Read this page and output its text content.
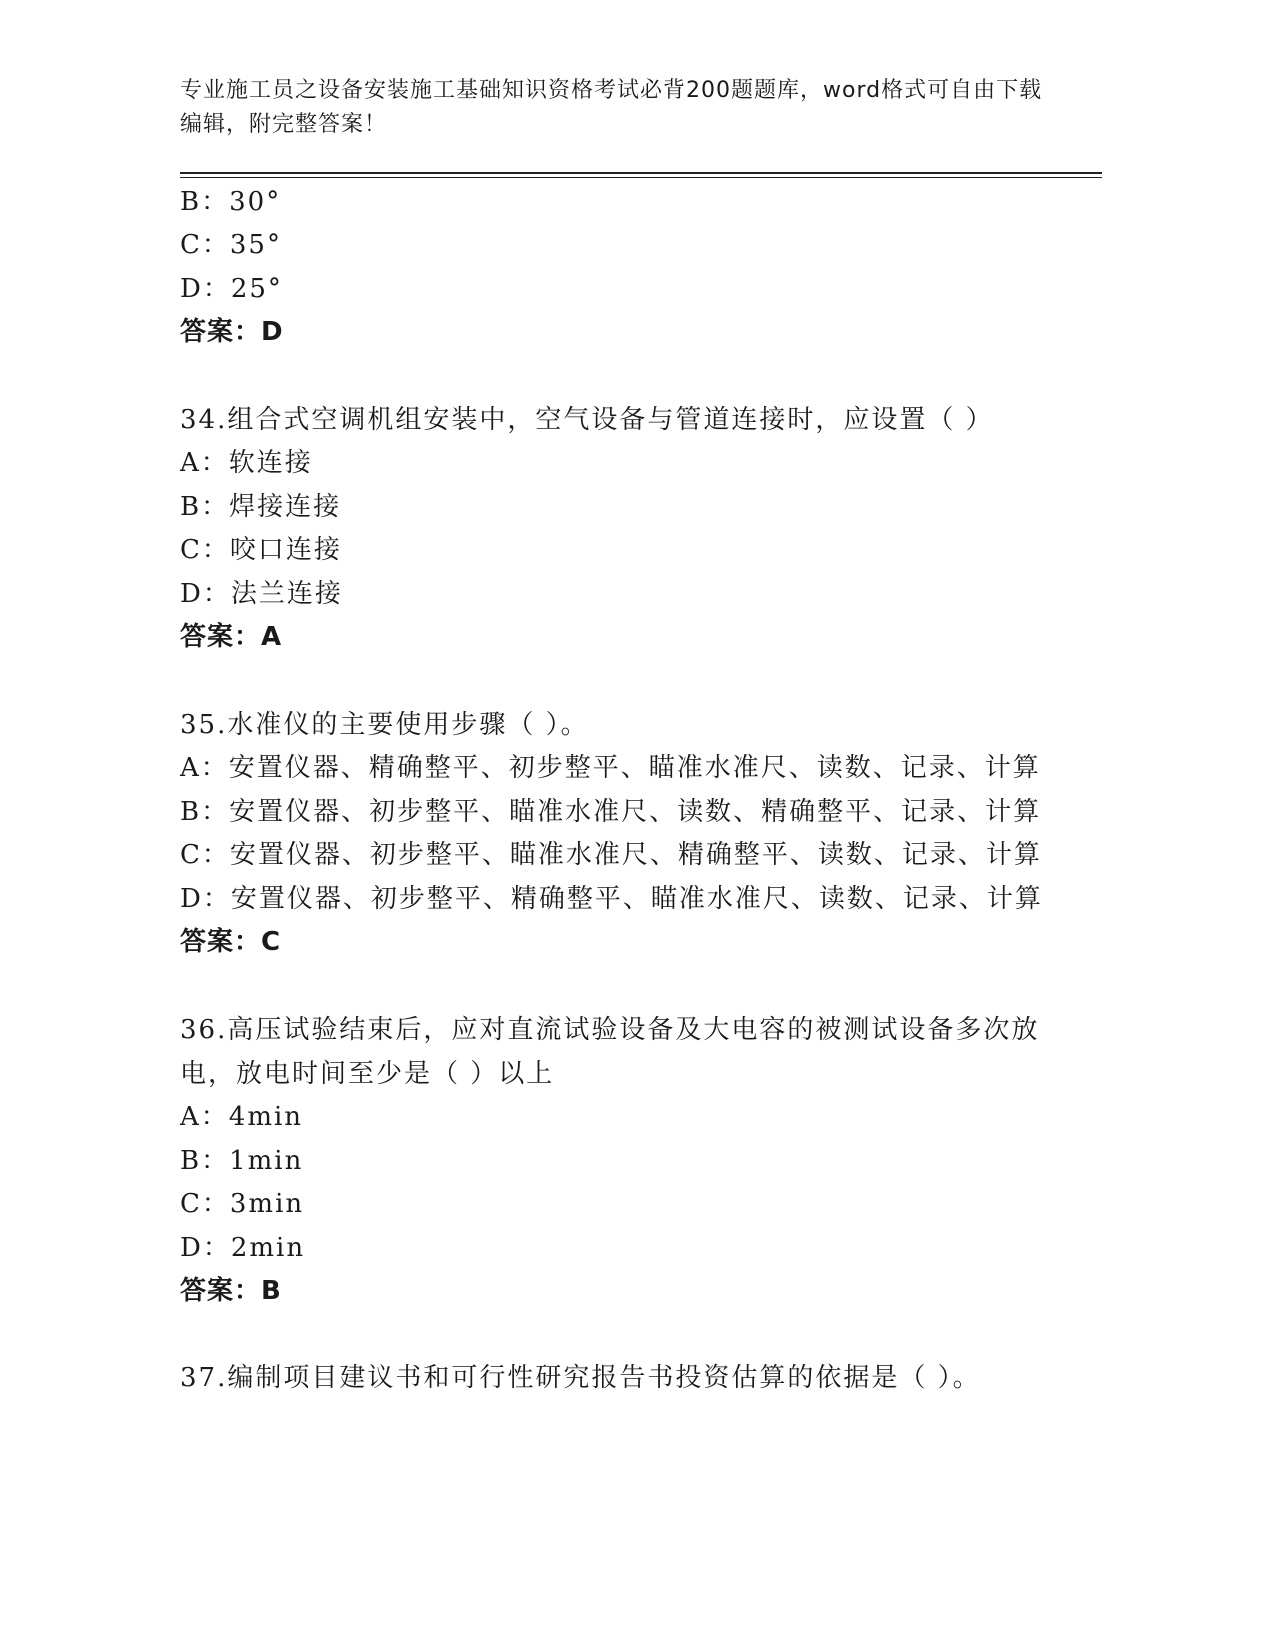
专业施工员之设备安装施工基础知识资格考试必背200题题库，word格式可自由下载编辑，附完整答案！
B：30°
C：35°
D：25°
答案：D
34.组合式空调机组安装中，空气设备与管道连接时，应设置（ ）
A：软连接
B：焊接连接
C：咬口连接
D：法兰连接
答案：A
35.水准仪的主要使用步骤（ ）。
A：安置仪器、精确整平、初步整平、瞄准水准尺、读数、记录、计算
B：安置仪器、初步整平、瞄准水准尺、读数、精确整平、记录、计算
C：安置仪器、初步整平、瞄准水准尺、精确整平、读数、记录、计算
D：安置仪器、初步整平、精确整平、瞄准水准尺、读数、记录、计算
答案：C
36.高压试验结束后，应对直流试验设备及大电容的被测试设备多次放电，放电时间至少是（ ）以上
A：4min
B：1min
C：3min
D：2min
答案：B
37.编制项目建议书和可行性研究报告书投资估算的依据是（ ）。
